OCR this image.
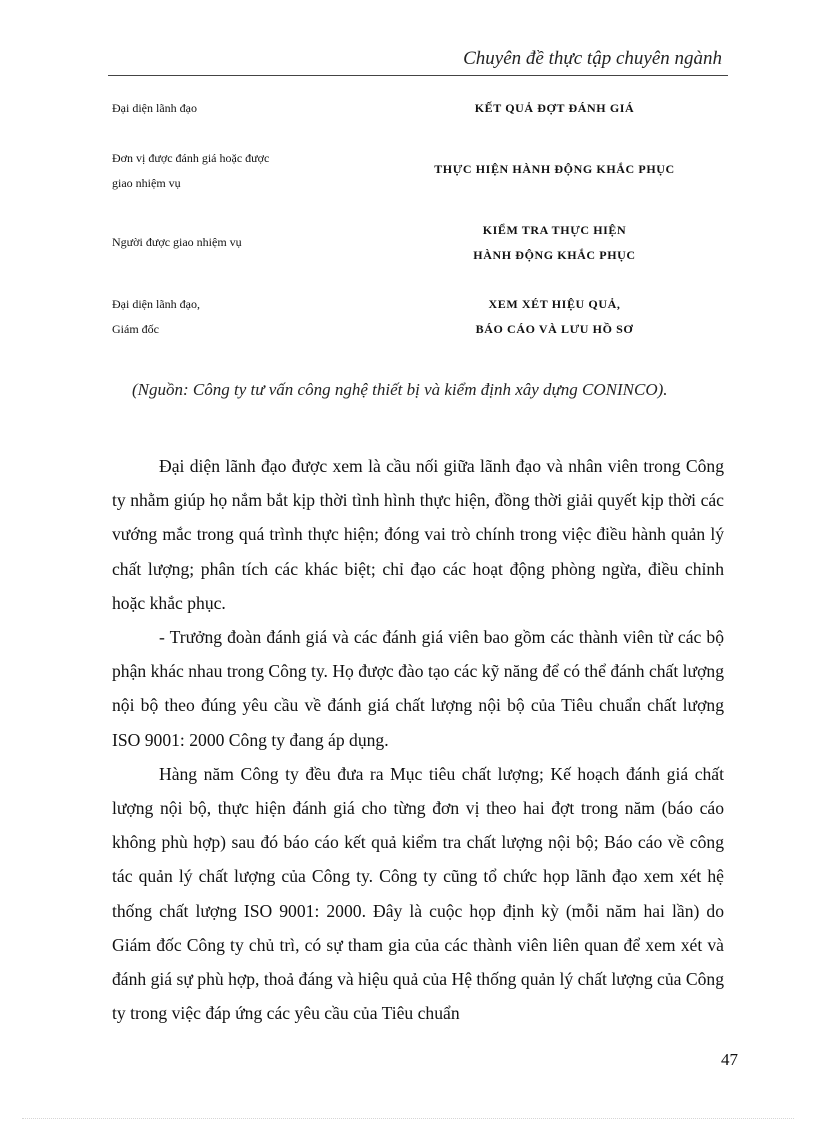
Chuyên đề thực tập chuyên ngành
Đại diện lãnh đạo	KẾT QUẢ ĐỢT ĐÁNH GIÁ
Đơn vị được đánh giá hoặc được
giao nhiệm vụ
THỰC HIỆN HÀNH ĐỘNG KHẮC PHỤC
Người được giao nhiệm vụ
KIỂM TRA THỰC HIỆN
HÀNH ĐỘNG KHẮC PHỤC
Đại diện lãnh đạo,
Giám đốc
XEM XÉT HIỆU QUẢ,
BÁO CÁO VÀ LƯU HỒ SƠ
(Nguồn: Công ty tư vấn công nghệ thiết bị và kiểm định xây dựng CONINCO).

Đại diện lãnh đạo được xem là cầu nối giữa lãnh đạo và nhân viên trong Công ty nhằm giúp họ nắm bắt kịp thời tình hình thực hiện, đồng thời giải quyết kịp thời các vướng mắc trong quá trình thực hiện; đóng vai trò chính trong việc điều hành quản lý chất lượng; phân tích các khác biệt; chỉ đạo các hoạt động phòng ngừa, điều chỉnh hoặc khắc phục.

- Trưởng đoàn đánh giá và các đánh giá viên bao gồm các thành viên từ các bộ phận khác nhau trong Công ty. Họ được đào tạo các kỹ năng để có thể đánh chất lượng nội bộ theo đúng yêu cầu về đánh giá chất lượng nội bộ của Tiêu chuẩn chất lượng ISO 9001: 2000 Công ty đang áp dụng.

Hàng năm Công ty đều đưa ra Mục tiêu chất lượng; Kế hoạch đánh giá chất lượng nội bộ, thực hiện đánh giá cho từng đơn vị theo hai đợt trong năm (báo cáo không phù hợp) sau đó báo cáo kết quả kiểm tra chất lượng nội bộ; Báo cáo về công tác quản lý chất lượng của Công ty. Công ty cũng tổ chức họp lãnh đạo xem xét hệ thống chất lượng ISO 9001: 2000. Đây là cuộc họp định kỳ (mỗi năm hai lần) do Giám đốc Công ty chủ trì, có sự tham gia của các thành viên liên quan để xem xét và đánh giá sự phù hợp, thoả đáng và hiệu quả của Hệ thống quản lý chất lượng của Công ty trong việc đáp ứng các yêu cầu của Tiêu chuẩn

47
